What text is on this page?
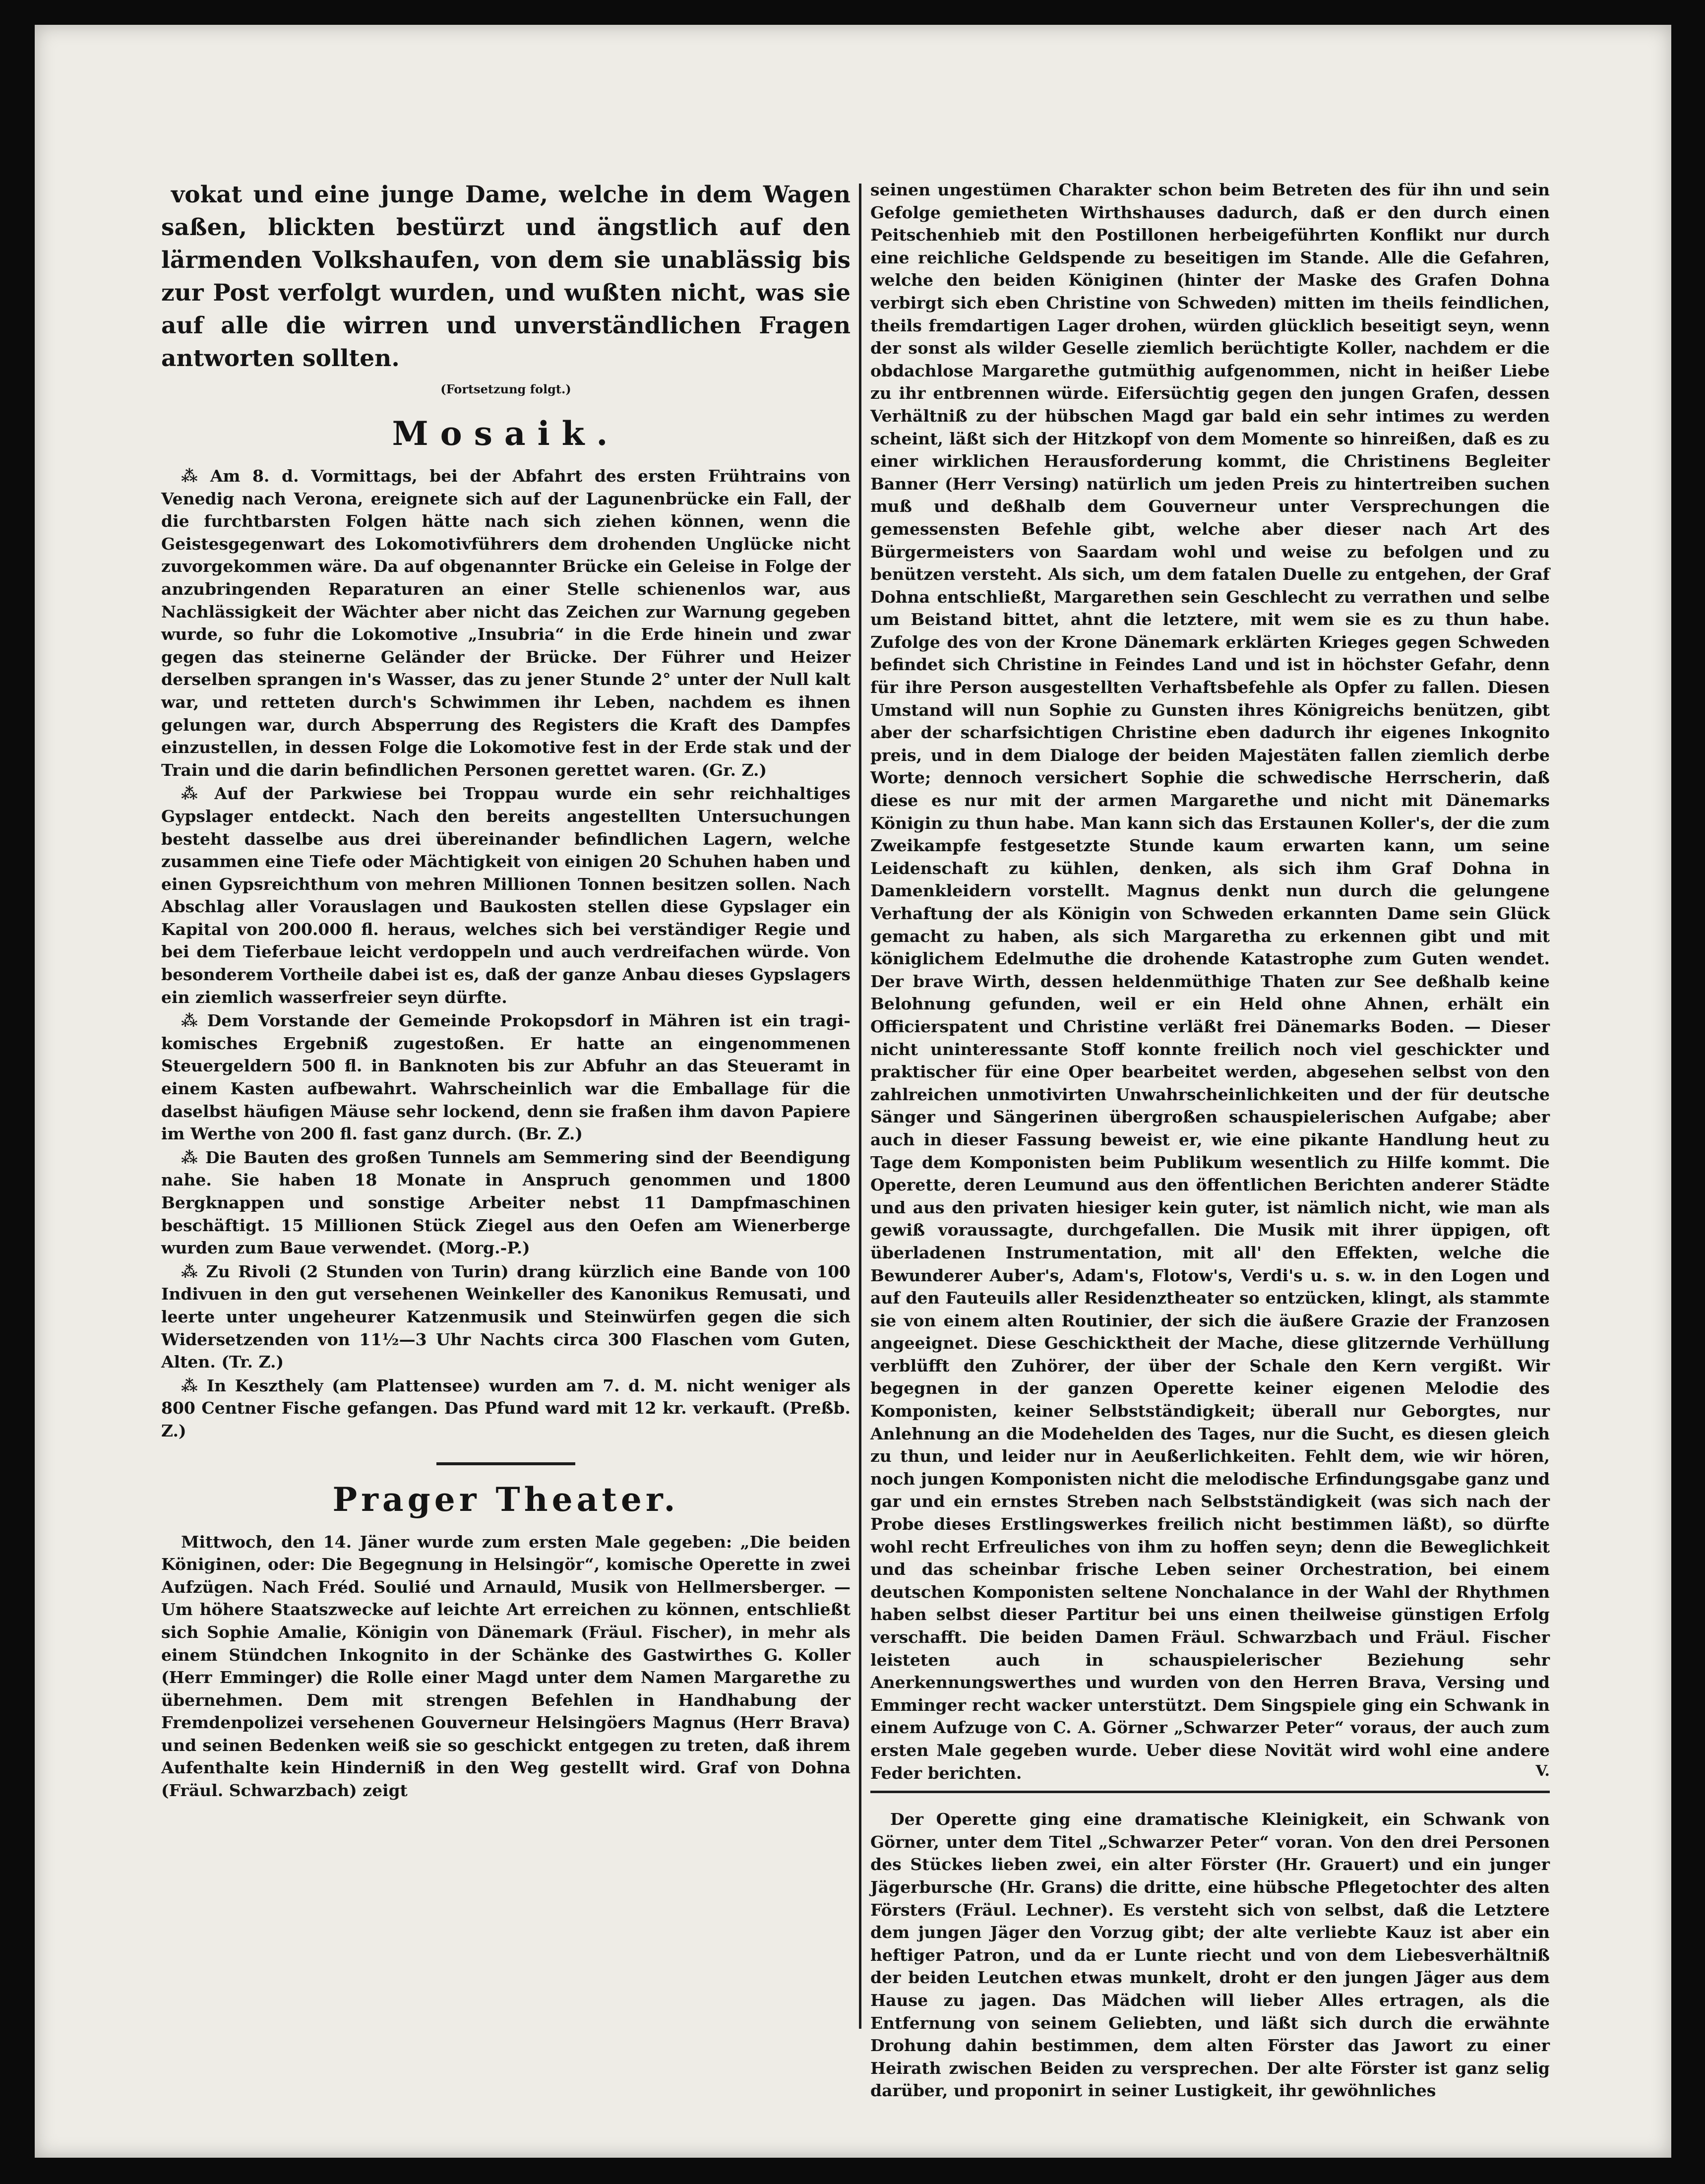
vokat und eine junge Dame, welche in dem Wagen saßen, blickten bestürzt und ängstlich auf den lärmenden Volkshaufen, von dem sie unablässig bis zur Post verfolgt wurden, und wußten nicht, was sie auf alle die wirren und unverständlichen Fragen antworten sollten.

(Fortsetzung folgt.)
Mosaik.

⁂ Am 8. d. Vormittags, bei der Abfahrt des ersten Frühtrains von Venedig nach Verona, ereignete sich auf der Lagunenbrücke ein Fall, der die furchtbarsten Folgen hätte nach sich ziehen können, wenn die Geistesgegenwart des Lokomotivführers dem drohenden Unglücke nicht zuvorgekommen wäre. Da auf obgenannter Brücke ein Geleise in Folge der anzubringenden Reparaturen an einer Stelle schienenlos war, aus Nachlässigkeit der Wächter aber nicht das Zeichen zur Warnung gegeben wurde, so fuhr die Lokomotive „Insubria“ in die Erde hinein und zwar gegen das steinerne Geländer der Brücke. Der Führer und Heizer derselben sprangen in's Wasser, das zu jener Stunde 2° unter der Null kalt war, und retteten durch's Schwimmen ihr Leben, nachdem es ihnen gelungen war, durch Absperrung des Registers die Kraft des Dampfes einzustellen, in dessen Folge die Lokomotive fest in der Erde stak und der Train und die darin befindlichen Personen gerettet waren. (Gr. Z.)

⁂ Auf der Parkwiese bei Troppau wurde ein sehr reichhaltiges Gypslager entdeckt. Nach den bereits angestellten Untersuchungen besteht dasselbe aus drei übereinander befindlichen Lagern, welche zusammen eine Tiefe oder Mächtigkeit von einigen 20 Schuhen haben und einen Gypsreichthum von mehren Millionen Tonnen besitzen sollen. Nach Abschlag aller Vorauslagen und Baukosten stellen diese Gypslager ein Kapital von 200.000 fl. heraus, welches sich bei verständiger Regie und bei dem Tieferbaue leicht verdoppeln und auch verdreifachen würde. Von besonderem Vortheile dabei ist es, daß der ganze Anbau dieses Gypslagers ein ziemlich wasserfreier seyn dürfte.

⁂ Dem Vorstande der Gemeinde Prokopsdorf in Mähren ist ein tragi-komisches Ergebniß zugestoßen. Er hatte an eingenommenen Steuergeldern 500 fl. in Banknoten bis zur Abfuhr an das Steueramt in einem Kasten aufbewahrt. Wahrscheinlich war die Emballage für die daselbst häufigen Mäuse sehr lockend, denn sie fraßen ihm davon Papiere im Werthe von 200 fl. fast ganz durch. (Br. Z.)

⁂ Die Bauten des großen Tunnels am Semmering sind der Beendigung nahe. Sie haben 18 Monate in Anspruch genommen und 1800 Bergknappen und sonstige Arbeiter nebst 11 Dampfmaschinen beschäftigt. 15 Millionen Stück Ziegel aus den Oefen am Wienerberge wurden zum Baue verwendet. (Morg.-P.)

⁂ Zu Rivoli (2 Stunden von Turin) drang kürzlich eine Bande von 100 Indivuen in den gut versehenen Weinkeller des Kanonikus Remusati, und leerte unter ungeheurer Katzenmusik und Steinwürfen gegen die sich Widersetzenden von 11½—3 Uhr Nachts circa 300 Flaschen vom Guten, Alten. (Tr. Z.)

⁂ In Keszthely (am Plattensee) wurden am 7. d. M. nicht weniger als 800 Centner Fische gefangen. Das Pfund ward mit 12 kr. verkauft. (Preßb. Z.)

Prager Theater.

Mittwoch, den 14. Jäner wurde zum ersten Male gegeben: „Die beiden Königinen, oder: Die Begegnung in Helsingör“, komische Operette in zwei Aufzügen. Nach Fréd. Soulié und Arnauld, Musik von Hellmersberger. — Um höhere Staatszwecke auf leichte Art erreichen zu können, entschließt sich Sophie Amalie, Königin von Dänemark (Fräul. Fischer), in mehr als einem Stündchen Inkognito in der Schänke des Gastwirthes G. Koller (Herr Emminger) die Rolle einer Magd unter dem Namen Margarethe zu übernehmen. Dem mit strengen Befehlen in Handhabung der Fremdenpolizei versehenen Gouverneur Helsingöers Magnus (Herr Brava) und seinen Bedenken weiß sie so geschickt entgegen zu treten, daß ihrem Aufenthalte kein Hinderniß in den Weg gestellt wird. Graf von Dohna (Fräul. Schwarzbach) zeigt

seinen ungestümen Charakter schon beim Betreten des für ihn und sein Gefolge gemietheten Wirthshauses dadurch, daß er den durch einen Peitschenhieb mit den Postillonen herbeigeführten Konflikt nur durch eine reichliche Geldspende zu beseitigen im Stande. Alle die Gefahren, welche den beiden Königinen (hinter der Maske des Grafen Dohna verbirgt sich eben Christine von Schweden) mitten im theils feindlichen, theils fremdartigen Lager drohen, würden glücklich beseitigt seyn, wenn der sonst als wilder Geselle ziemlich berüchtigte Koller, nachdem er die obdachlose Margarethe gutmüthig aufgenommen, nicht in heißer Liebe zu ihr entbrennen würde. Eifersüchtig gegen den jungen Grafen, dessen Verhältniß zu der hübschen Magd gar bald ein sehr intimes zu werden scheint, läßt sich der Hitzkopf von dem Momente so hinreißen, daß es zu einer wirklichen Herausforderung kommt, die Christinens Begleiter Banner (Herr Versing) natürlich um jeden Preis zu hintertreiben suchen muß und deßhalb dem Gouverneur unter Versprechungen die gemessensten Befehle gibt, welche aber dieser nach Art des Bürgermeisters von Saardam wohl und weise zu befolgen und zu benützen versteht. Als sich, um dem fatalen Duelle zu entgehen, der Graf Dohna entschließt, Margarethen sein Geschlecht zu verrathen und selbe um Beistand bittet, ahnt die letztere, mit wem sie es zu thun habe. Zufolge des von der Krone Dänemark erklärten Krieges gegen Schweden befindet sich Christine in Feindes Land und ist in höchster Gefahr, denn für ihre Person ausgestellten Verhaftsbefehle als Opfer zu fallen. Diesen Umstand will nun Sophie zu Gunsten ihres Königreichs benützen, gibt aber der scharfsichtigen Christine eben dadurch ihr eigenes Inkognito preis, und in dem Dialoge der beiden Majestäten fallen ziemlich derbe Worte; dennoch versichert Sophie die schwedische Herrscherin, daß diese es nur mit der armen Margarethe und nicht mit Dänemarks Königin zu thun habe. Man kann sich das Erstaunen Koller's, der die zum Zweikampfe festgesetzte Stunde kaum erwarten kann, um seine Leidenschaft zu kühlen, denken, als sich ihm Graf Dohna in Damenkleidern vorstellt. Magnus denkt nun durch die gelungene Verhaftung der als Königin von Schweden erkannten Dame sein Glück gemacht zu haben, als sich Margaretha zu erkennen gibt und mit königlichem Edelmuthe die drohende Katastrophe zum Guten wendet. Der brave Wirth, dessen heldenmüthige Thaten zur See deßhalb keine Belohnung gefunden, weil er ein Held ohne Ahnen, erhält ein Officierspatent und Christine verläßt frei Dänemarks Boden. — Dieser nicht uninteressante Stoff konnte freilich noch viel geschickter und praktischer für eine Oper bearbeitet werden, abgesehen selbst von den zahlreichen unmotivirten Unwahrscheinlichkeiten und der für deutsche Sänger und Sängerinen übergroßen schauspielerischen Aufgabe; aber auch in dieser Fassung beweist er, wie eine pikante Handlung heut zu Tage dem Komponisten beim Publikum wesentlich zu Hilfe kommt. Die Operette, deren Leumund aus den öffentlichen Berichten anderer Städte und aus den privaten hiesiger kein guter, ist nämlich nicht, wie man als gewiß voraussagte, durchgefallen. Die Musik mit ihrer üppigen, oft überladenen Instrumentation, mit all' den Effekten, welche die Bewunderer Auber's, Adam's, Flotow's, Verdi's u. s. w. in den Logen und auf den Fauteuils aller Residenztheater so entzücken, klingt, als stammte sie von einem alten Routinier, der sich die äußere Grazie der Franzosen angeeignet. Diese Geschicktheit der Mache, diese glitzernde Verhüllung verblüfft den Zuhörer, der über der Schale den Kern vergißt. Wir begegnen in der ganzen Operette keiner eigenen Melodie des Komponisten, keiner Selbstständigkeit; überall nur Geborgtes, nur Anlehnung an die Modehelden des Tages, nur die Sucht, es diesen gleich zu thun, und leider nur in Aeußerlichkeiten. Fehlt dem, wie wir hören, noch jungen Komponisten nicht die melodische Erfindungsgabe ganz und gar und ein ernstes Streben nach Selbstständigkeit (was sich nach der Probe dieses Erstlingswerkes freilich nicht bestimmen läßt), so dürfte wohl recht Erfreuliches von ihm zu hoffen seyn; denn die Beweglichkeit und das scheinbar frische Leben seiner Orchestration, bei einem deutschen Komponisten seltene Nonchalance in der Wahl der Rhythmen haben selbst dieser Partitur bei uns einen theilweise günstigen Erfolg verschafft. Die beiden Damen Fräul. Schwarzbach und Fräul. Fischer leisteten auch in schauspielerischer Beziehung sehr Anerkennungswerthes und wurden von den Herren Brava, Versing und Emminger recht wacker unterstützt. Dem Singspiele ging ein Schwank in einem Aufzuge von C. A. Görner „Schwarzer Peter“ voraus, der auch zum ersten Male gegeben wurde. Ueber diese Novität wird wohl eine andere Feder berichten.	V.

Der Operette ging eine dramatische Kleinigkeit, ein Schwank von Görner, unter dem Titel „Schwarzer Peter“ voran. Von den drei Personen des Stückes lieben zwei, ein alter Förster (Hr. Grauert) und ein junger Jägerbursche (Hr. Grans) die dritte, eine hübsche Pflegetochter des alten Försters (Fräul. Lechner). Es versteht sich von selbst, daß die Letztere dem jungen Jäger den Vorzug gibt; der alte verliebte Kauz ist aber ein heftiger Patron, und da er Lunte riecht und von dem Liebesverhältniß der beiden Leutchen etwas munkelt, droht er den jungen Jäger aus dem Hause zu jagen. Das Mädchen will lieber Alles ertragen, als die Entfernung von seinem Geliebten, und läßt sich durch die erwähnte Drohung dahin bestimmen, dem alten Förster das Jawort zu einer Heirath zwischen Beiden zu versprechen. Der alte Förster ist ganz selig darüber, und proponirt in seiner Lustigkeit, ihr gewöhnliches
